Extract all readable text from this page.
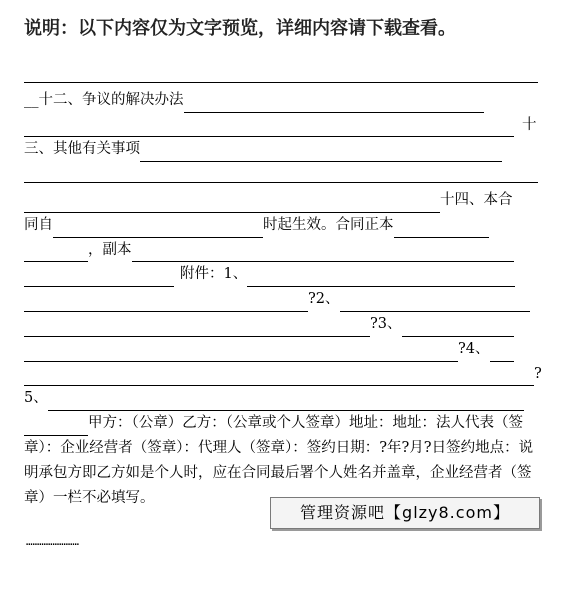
说明：以下内容仅为文字预览，详细内容请下载查看。
__十二、争议的解决办法
十
三、其他有关事项
十四、本合
同自	时起生效。合同正本
，副本
附件：1、
?2、
?3、
?4、
?
5、
甲方：（公章）乙方：（公章或个人签章）地址：地址：法人代表（签章）：企业经营者（签章）：代理人（签章）：签约日期：?年?月?日签约地点：说明承包方即乙方如是个人时，应在合同最后署个人姓名并盖章，企业经营者（签章）一栏不必填写。
管理资源吧【glzy8.com】
……………………
